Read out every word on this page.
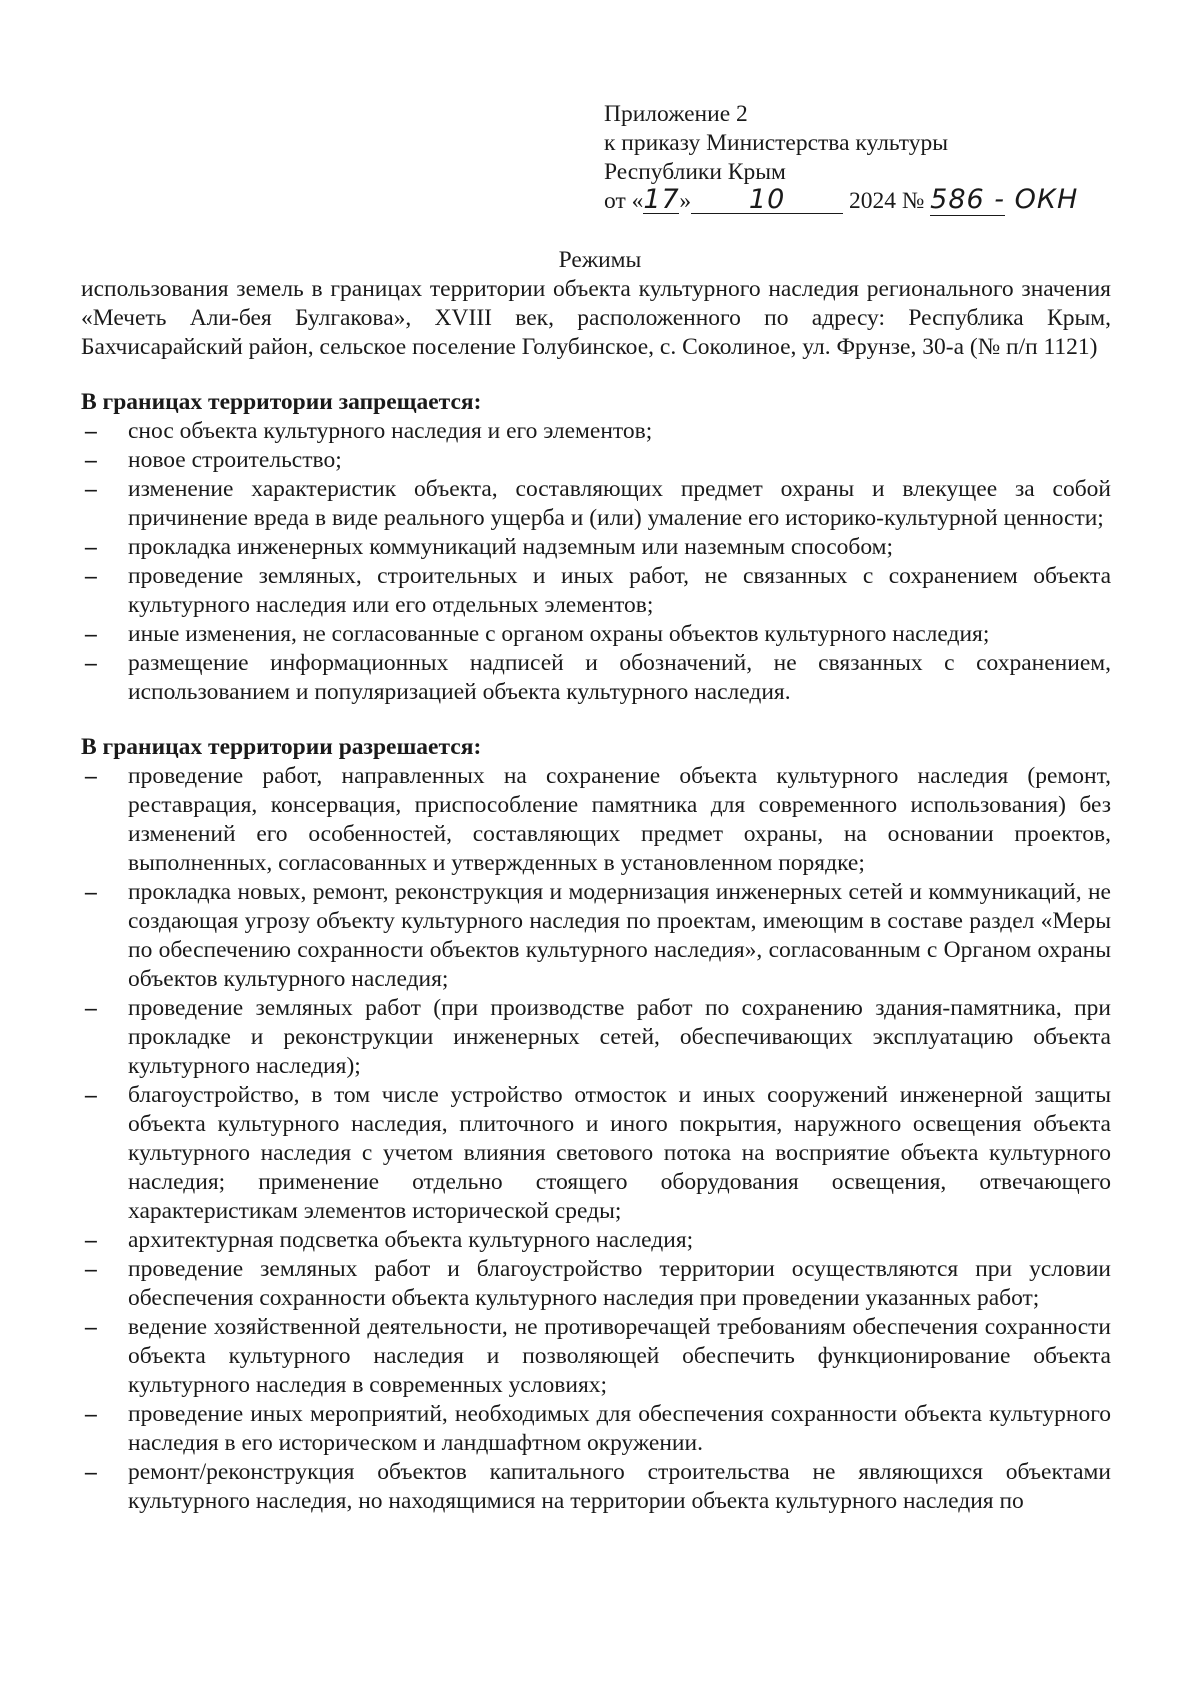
Приложение 2
к приказу Министерства культуры
Республики Крым
от «17» 10	2024 № 586 - ОКН
Режимы
использования земель в границах территории объекта культурного наследия регионального значения «Мечеть Али-бея Булгакова», XVIII век, расположенного по адресу: Республика Крым, Бахчисарайский район, сельское поселение Голубинское, с. Соколиное, ул. Фрунзе, 30-а (№ п/п 1121)
В границах территории запрещается:
– снос объекта культурного наследия и его элементов;
– новое строительство;
– изменение характеристик объекта, составляющих предмет охраны и влекущее за собой причинение вреда в виде реального ущерба и (или) умаление его историко-культурной ценности;
– прокладка инженерных коммуникаций надземным или наземным способом;
– проведение земляных, строительных и иных работ, не связанных с сохранением объекта культурного наследия или его отдельных элементов;
– иные изменения, не согласованные с органом охраны объектов культурного наследия;
– размещение информационных надписей и обозначений, не связанных с сохранением, использованием и популяризацией объекта культурного наследия.
В границах территории разрешается:
– проведение работ, направленных на сохранение объекта культурного наследия (ремонт, реставрация, консервация, приспособление памятника для современного использования) без изменений его особенностей, составляющих предмет охраны, на основании проектов, выполненных, согласованных и утвержденных в установленном порядке;
– прокладка новых, ремонт, реконструкция и модернизация инженерных сетей и коммуникаций, не создающая угрозу объекту культурного наследия по проектам, имеющим в составе раздел «Меры по обеспечению сохранности объектов культурного наследия», согласованным с Органом охраны объектов культурного наследия;
– проведение земляных работ (при производстве работ по сохранению здания-памятника, при прокладке и реконструкции инженерных сетей, обеспечивающих эксплуатацию объекта культурного наследия);
– благоустройство, в том числе устройство отмосток и иных сооружений инженерной защиты объекта культурного наследия, плиточного и иного покрытия, наружного освещения объекта культурного наследия с учетом влияния светового потока на восприятие объекта культурного наследия; применение отдельно стоящего оборудования освещения, отвечающего характеристикам элементов исторической среды;
– архитектурная подсветка объекта культурного наследия;
– проведение земляных работ и благоустройство территории осуществляются при условии обеспечения сохранности объекта культурного наследия при проведении указанных работ;
– ведение хозяйственной деятельности, не противоречащей требованиям обеспечения сохранности объекта культурного наследия и позволяющей обеспечить функционирование объекта культурного наследия в современных условиях;
– проведение иных мероприятий, необходимых для обеспечения сохранности объекта культурного наследия в его историческом и ландшафтном окружении.
– ремонт/реконструкция объектов капитального строительства не являющихся объектами культурного наследия, но находящимися на территории объекта культурного наследия по
